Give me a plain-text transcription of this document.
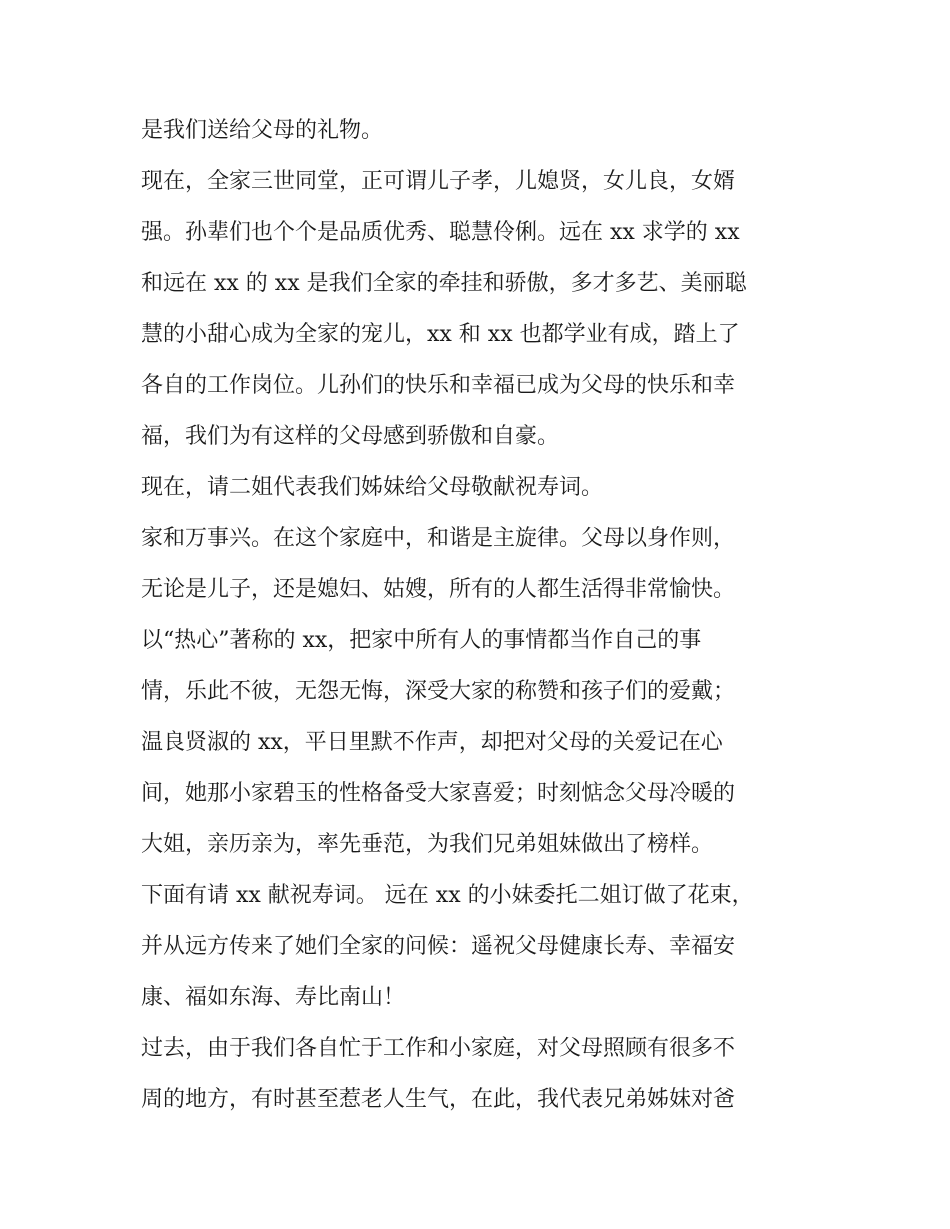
是我们送给父母的礼物。
现在，全家三世同堂，正可谓儿子孝，儿媳贤，女儿良，女婿
强。孙辈们也个个是品质优秀、聪慧伶俐。远在 xx 求学的 xx
和远在 xx 的 xx 是我们全家的牵挂和骄傲，多才多艺、美丽聪
慧的小甜心成为全家的宠儿，xx 和 xx 也都学业有成，踏上了
各自的工作岗位。儿孙们的快乐和幸福已成为父母的快乐和幸
福，我们为有这样的父母感到骄傲和自豪。
现在，请二姐代表我们姊妹给父母敬献祝寿词。
家和万事兴。在这个家庭中，和谐是主旋律。父母以身作则，
无论是儿子，还是媳妇、姑嫂，所有的人都生活得非常愉快。
以“热心”著称的 xx，把家中所有人的事情都当作自己的事
情，乐此不彼，无怨无悔，深受大家的称赞和孩子们的爱戴；
温良贤淑的 xx，平日里默不作声，却把对父母的关爱记在心
间，她那小家碧玉的性格备受大家喜爱；时刻惦念父母冷暖的
大姐，亲历亲为，率先垂范，为我们兄弟姐妹做出了榜样。
下面有请 xx 献祝寿词。 远在 xx 的小妹委托二姐订做了花束，
并从远方传来了她们全家的问候：遥祝父母健康长寿、幸福安
康、福如东海、寿比南山！
过去，由于我们各自忙于工作和小家庭，对父母照顾有很多不
周的地方，有时甚至惹老人生气，在此，我代表兄弟姊妹对爸
